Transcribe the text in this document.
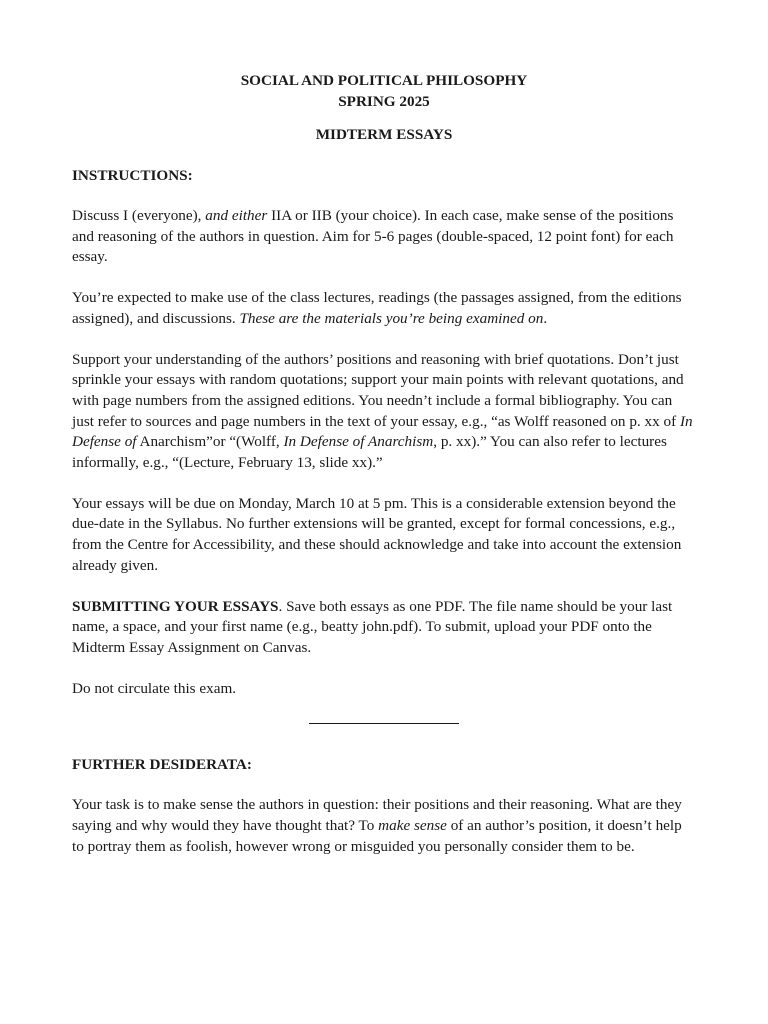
SOCIAL AND POLITICAL PHILOSOPHY
SPRING 2025
MIDTERM ESSAYS
INSTRUCTIONS:

Discuss I (everyone), and either IIA or IIB (your choice). In each case, make sense of the positions and reasoning of the authors in question. Aim for 5-6 pages (double-spaced, 12 point font) for each essay.

You’re expected to make use of the class lectures, readings (the passages assigned, from the editions assigned), and discussions. These are the materials you’re being examined on.

Support your understanding of the authors’ positions and reasoning with brief quotations. Don’t just sprinkle your essays with random quotations; support your main points with relevant quotations, and with page numbers from the assigned editions. You needn’t include a formal bibliography. You can just refer to sources and page numbers in the text of your essay, e.g., “as Wolff reasoned on p. xx of In Defense of Anarchism”or “(Wolff, In Defense of Anarchism, p. xx).” You can also refer to lectures informally, e.g., “(Lecture, February 13, slide xx).”

Your essays will be due on Monday, March 10 at 5 pm. This is a considerable extension beyond the due-date in the Syllabus. No further extensions will be granted, except for formal concessions, e.g., from the Centre for Accessibility, and these should acknowledge and take into account the extension already given.

SUBMITTING YOUR ESSAYS. Save both essays as one PDF. The file name should be your last name, a space, and your first name (e.g., beatty john.pdf). To submit, upload your PDF onto the Midterm Essay Assignment on Canvas.

Do not circulate this exam.

FURTHER DESIDERATA:

Your task is to make sense the authors in question: their positions and their reasoning. What are they saying and why would they have thought that? To make sense of an author’s position, it doesn’t help to portray them as foolish, however wrong or misguided you personally consider them to be.
